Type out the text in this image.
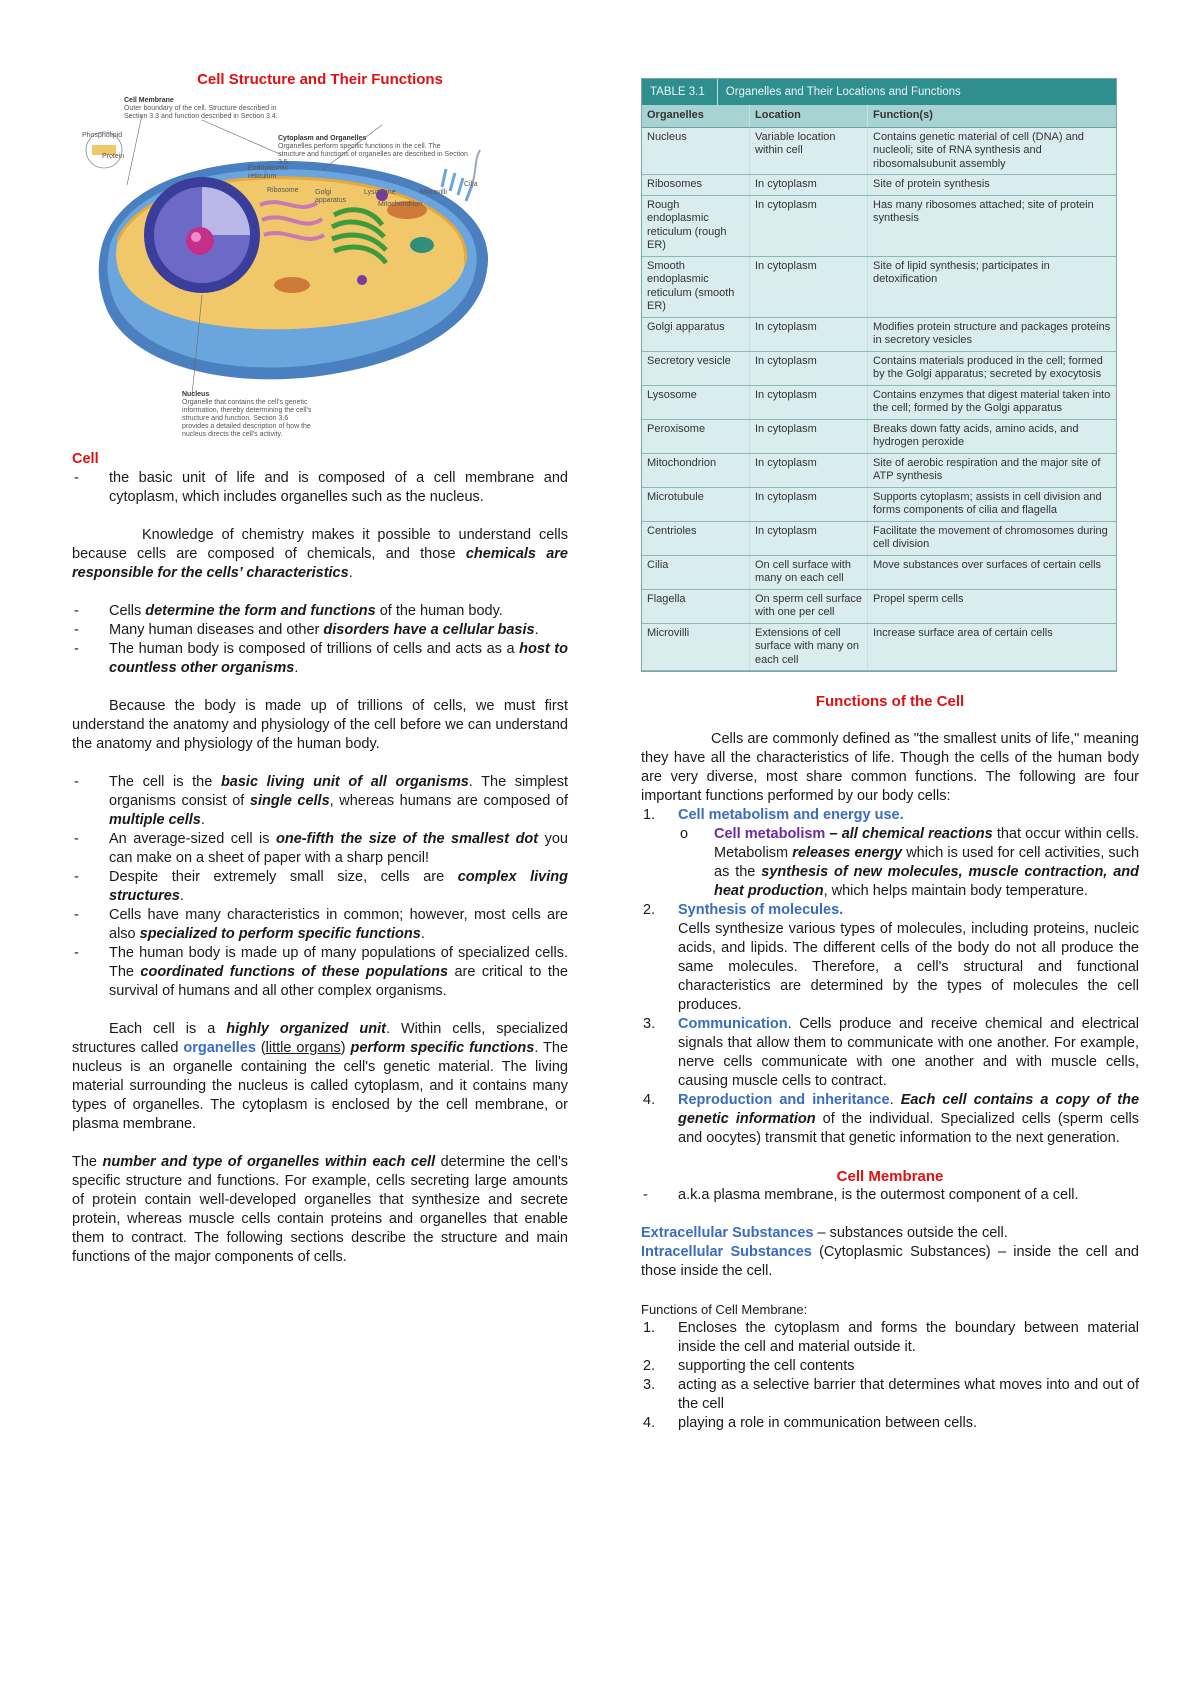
Cell Structure and Their Functions
Cell Membrane
Outer boundary of the cell. Structure described in Section 3.3 and function described in Section 3.4.
Phospholipid
Protein
Cytoplasm and Organelles
Organelles perform specific functions in the cell. The structure and functions of organelles are described in Section 3.5.
Endoplasmic reticulum
Ribosome Golgi apparatus
Lysosome
Mitochondrion
Microvilli
Cilia
Nucleus
Organelle that contains the cell's genetic information, thereby determining the cell's structure and function. Section 3.6 provides a detailed description of how the nucleus directs the cell's activity.
Cell
- the basic unit of life and is composed of a cell membrane and cytoplasm, which includes organelles such as the nucleus.

Knowledge of chemistry makes it possible to understand cells because cells are composed of chemicals, and those chemicals are responsible for the cells’ characteristics.

- Cells determine the form and functions of the human body.
- Many human diseases and other disorders have a cellular basis.
- The human body is composed of trillions of cells and acts as a host to countless other organisms.

Because the body is made up of trillions of cells, we must first understand the anatomy and physiology of the cell before we can understand the anatomy and physiology of the human body.

- The cell is the basic living unit of all organisms. The simplest organisms consist of single cells, whereas humans are composed of multiple cells.
- An average-sized cell is one-fifth the size of the smallest dot you can make on a sheet of paper with a sharp pencil!
- Despite their extremely small size, cells are complex living structures.
- Cells have many characteristics in common; however, most cells are also specialized to perform specific functions.
- The human body is made up of many populations of specialized cells. The coordinated functions of these populations are critical to the survival of humans and all other complex organisms.

Each cell is a highly organized unit. Within cells, specialized structures called organelles (little organs) perform specific functions. The nucleus is an organelle containing the cell's genetic material. The living material surrounding the nucleus is called cytoplasm, and it contains many types of organelles. The cytoplasm is enclosed by the cell membrane, or plasma membrane.

The number and type of organelles within each cell determine the cell's specific structure and functions. For example, cells secreting large amounts of protein contain well-developed organelles that synthesize and secrete protein, whereas muscle cells contain proteins and organelles that enable them to contract. The following sections describe the structure and main functions of the major components of cells.

TABLE 3.1	Organelles and Their Locations and Functions
Organelles	Location	Function(s)
Nucleus	Variable location within cell	Contains genetic material of cell (DNA) and nucleoli; site of RNA synthesis and ribosomalsubunit assembly
Ribosomes	In cytoplasm	Site of protein synthesis
Rough endoplasmic reticulum (rough ER)	In cytoplasm	Has many ribosomes attached; site of protein synthesis
Smooth endoplasmic reticulum (smooth ER)	In cytoplasm	Site of lipid synthesis; participates in detoxification
Golgi apparatus	In cytoplasm	Modifies protein structure and packages proteins in secretory vesicles
Secretory vesicle	In cytoplasm	Contains materials produced in the cell; formed by the Golgi apparatus; secreted by exocytosis
Lysosome	In cytoplasm	Contains enzymes that digest material taken into the cell; formed by the Golgi apparatus
Peroxisome	In cytoplasm	Breaks down fatty acids, amino acids, and hydrogen peroxide
Mitochondrion	In cytoplasm	Site of aerobic respiration and the major site of ATP synthesis
Microtubule	In cytoplasm	Supports cytoplasm; assists in cell division and forms components of cilia and flagella
Centrioles	In cytoplasm	Facilitate the movement of chromosomes during cell division
Cilia	On cell surface with many on each cell	Move substances over surfaces of certain cells
Flagella	On sperm cell surface with one per cell	Propel sperm cells
Microvilli	Extensions of cell surface with many on each cell	Increase surface area of certain cells
Functions of the Cell

Cells are commonly defined as "the smallest units of life," meaning they have all the characteristics of life. Though the cells of the human body are very diverse, most share common functions. The following are four important functions performed by our body cells:

1. Cell metabolism and energy use.
o Cell metabolism – all chemical reactions that occur within cells. Metabolism releases energy which is used for cell activities, such as the synthesis of new molecules, muscle contraction, and heat production, which helps maintain body temperature.
2. Synthesis of molecules.
Cells synthesize various types of molecules, including proteins, nucleic acids, and lipids. The different cells of the body do not all produce the same molecules. Therefore, a cell's structural and functional characteristics are determined by the types of molecules the cell produces.
3. Communication. Cells produce and receive chemical and electrical signals that allow them to communicate with one another. For example, nerve cells communicate with one another and with muscle cells, causing muscle cells to contract.
4. Reproduction and inheritance. Each cell contains a copy of the genetic information of the individual. Specialized cells (sperm cells and oocytes) transmit that genetic information to the next generation.
Cell Membrane
- a.k.a plasma membrane, is the outermost component of a cell.

Extracellular Substances – substances outside the cell.

Intracellular Substances (Cytoplasmic Substances) – inside the cell and those inside the cell.

Functions of Cell Membrane:
1. Encloses the cytoplasm and forms the boundary between material inside the cell and material outside it.
2. supporting the cell contents
3. acting as a selective barrier that determines what moves into and out of the cell
4. playing a role in communication between cells.
